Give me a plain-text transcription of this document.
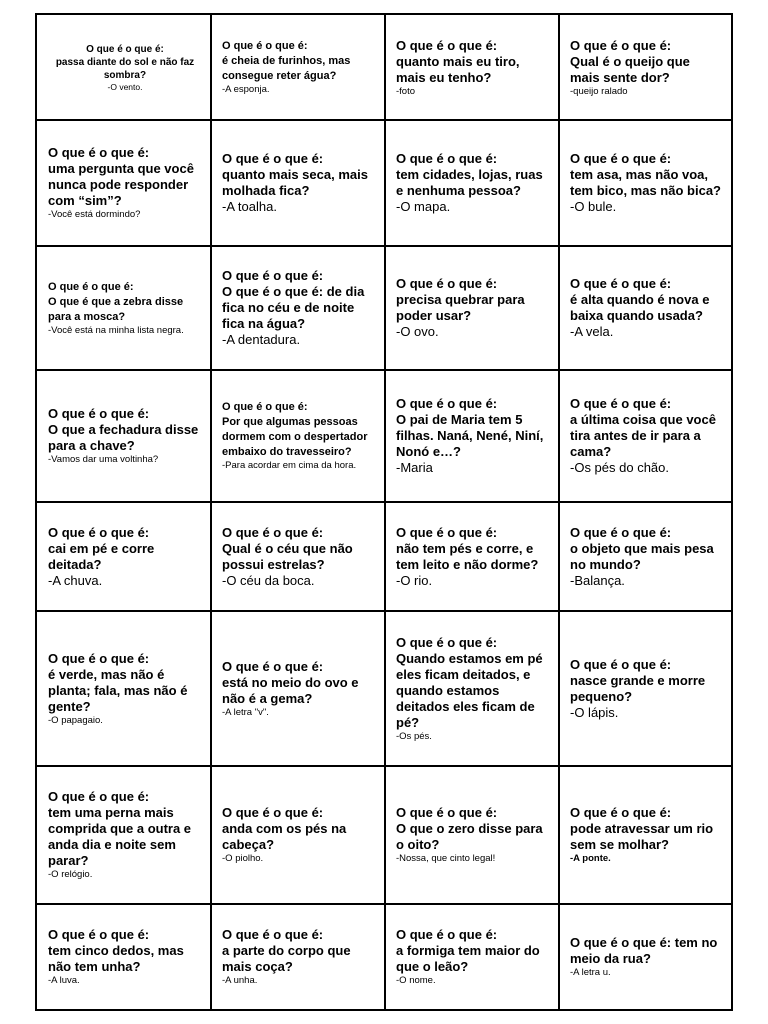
O que é o que é:
passa diante do sol e não faz sombra?
-O vento.
O que é o que é:
é cheia de furinhos, mas consegue reter água?
-A esponja.
O que é o que é:
quanto mais eu tiro, mais eu tenho?
-foto
O que é o que é:
Qual é o queijo que mais sente dor?
-queijo ralado
O que é o que é:
uma pergunta que você nunca pode responder com “sim”?
-Você está dormindo?
O que é o que é:
quanto mais seca, mais molhada fica?
-A toalha.
O que é o que é:
tem cidades, lojas, ruas e nenhuma pessoa?
-O mapa.
O que é o que é:
tem asa, mas não voa, tem bico, mas não bica?
-O bule.
O que é o que é:
O que é que a zebra disse para a mosca?
-Você está na minha lista negra.
O que é o que é:
O que é o que é: de dia fica no céu e de noite fica na água?
-A dentadura.
O que é o que é:
precisa quebrar para poder usar?
-O ovo.
O que é o que é:
é alta quando é nova e baixa quando usada?
-A vela.
O que é o que é:
O que a fechadura disse para a chave?
-Vamos dar uma voltinha?
O que é o que é:
Por que algumas pessoas dormem com o despertador embaixo do travesseiro?
-Para acordar em cima da hora.
O que é o que é:
O pai de Maria tem 5 filhas. Naná, Nené, Niní, Nonó e…?
-Maria
O que é o que é:
a última coisa que você tira antes de ir para a cama?
-Os pés do chão.
O que é o que é:
cai em pé e corre deitada?
-A chuva.
O que é o que é:
Qual é o céu que não possui estrelas?
-O céu da boca.
O que é o que é:
não tem pés e corre, e tem leito e não dorme?
-O rio.
O que é o que é:
o objeto que mais pesa no mundo?
-Balança.
O que é o que é:
é verde, mas não é planta; fala, mas não é gente?
-O papagaio.
O que é o que é:
está no meio do ovo e não é a gema?
-A letra "v".
O que é o que é:
Quando estamos em pé eles ficam deitados, e quando estamos deitados eles ficam de pé?
-Os pés.
O que é o que é:
nasce grande e morre pequeno?
-O lápis.
O que é o que é:
tem uma perna mais comprida que a outra e anda dia e noite sem parar?
-O relógio.
O que é o que é:
anda com os pés na cabeça?
-O piolho.
O que é o que é:
O que o zero disse para o oito?
-Nossa, que cinto legal!
O que é o que é:
pode atravessar um rio sem se molhar?
-A ponte.
O que é o que é:
tem cinco dedos, mas não tem unha?
-A luva.
O que é o que é:
a parte do corpo que mais coça?
-A unha.
O que é o que é:
a formiga tem maior do que o leão?
-O nome.
O que é o que é: tem no meio da rua?
-A letra u.
